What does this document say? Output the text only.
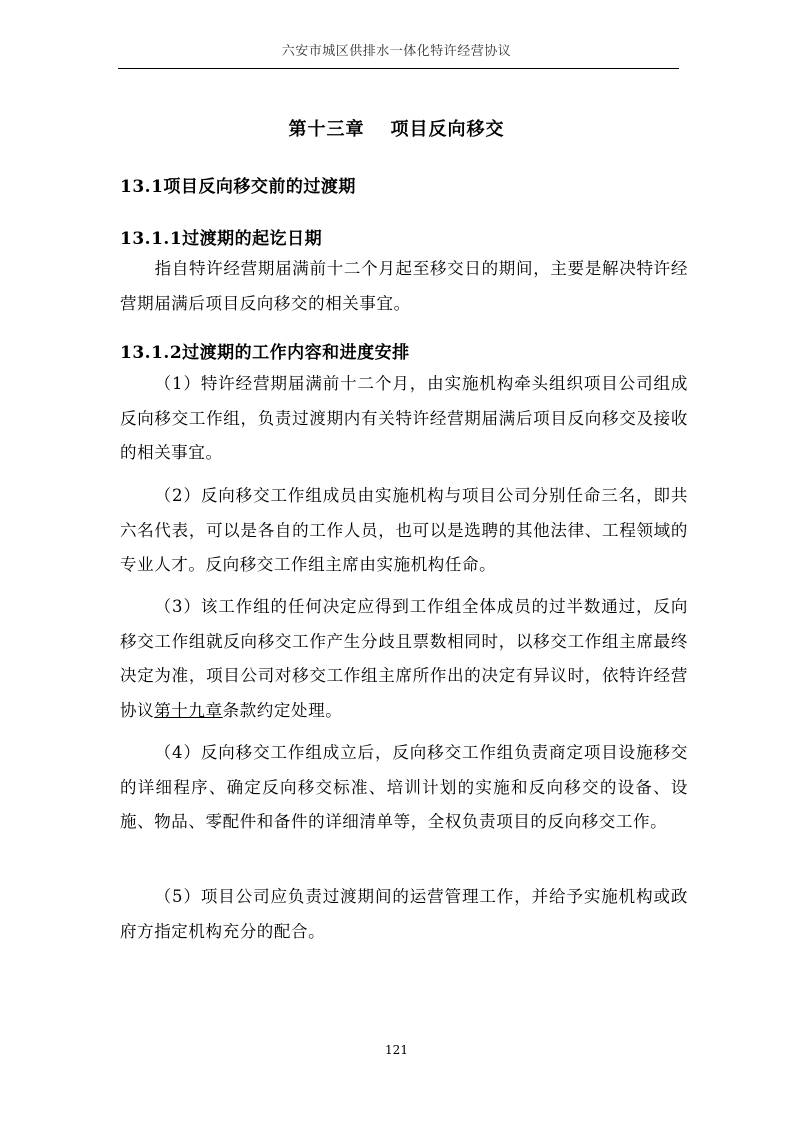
六安市城区供排水一体化特许经营协议
第十三章 项目反向移交
13.1项目反向移交前的过渡期
13.1.1过渡期的起讫日期
指自特许经营期届满前十二个月起至移交日的期间，主要是解决特许经营期届满后项目反向移交的相关事宜。
13.1.2过渡期的工作内容和进度安排
（1）特许经营期届满前十二个月，由实施机构牵头组织项目公司组成反向移交工作组，负责过渡期内有关特许经营期届满后项目反向移交及接收的相关事宜。
（2）反向移交工作组成员由实施机构与项目公司分别任命三名，即共六名代表，可以是各自的工作人员，也可以是选聘的其他法律、工程领域的专业人才。反向移交工作组主席由实施机构任命。
（3）该工作组的任何决定应得到工作组全体成员的过半数通过，反向移交工作组就反向移交工作产生分歧且票数相同时，以移交工作组主席最终决定为准，项目公司对移交工作组主席所作出的决定有异议时，依特许经营协议第十九章条款约定处理。
（4）反向移交工作组成立后，反向移交工作组负责商定项目设施移交的详细程序、确定反向移交标准、培训计划的实施和反向移交的设备、设施、物品、零配件和备件的详细清单等，全权负责项目的反向移交工作。
（5）项目公司应负责过渡期间的运营管理工作，并给予实施机构或政府方指定机构充分的配合。
121
